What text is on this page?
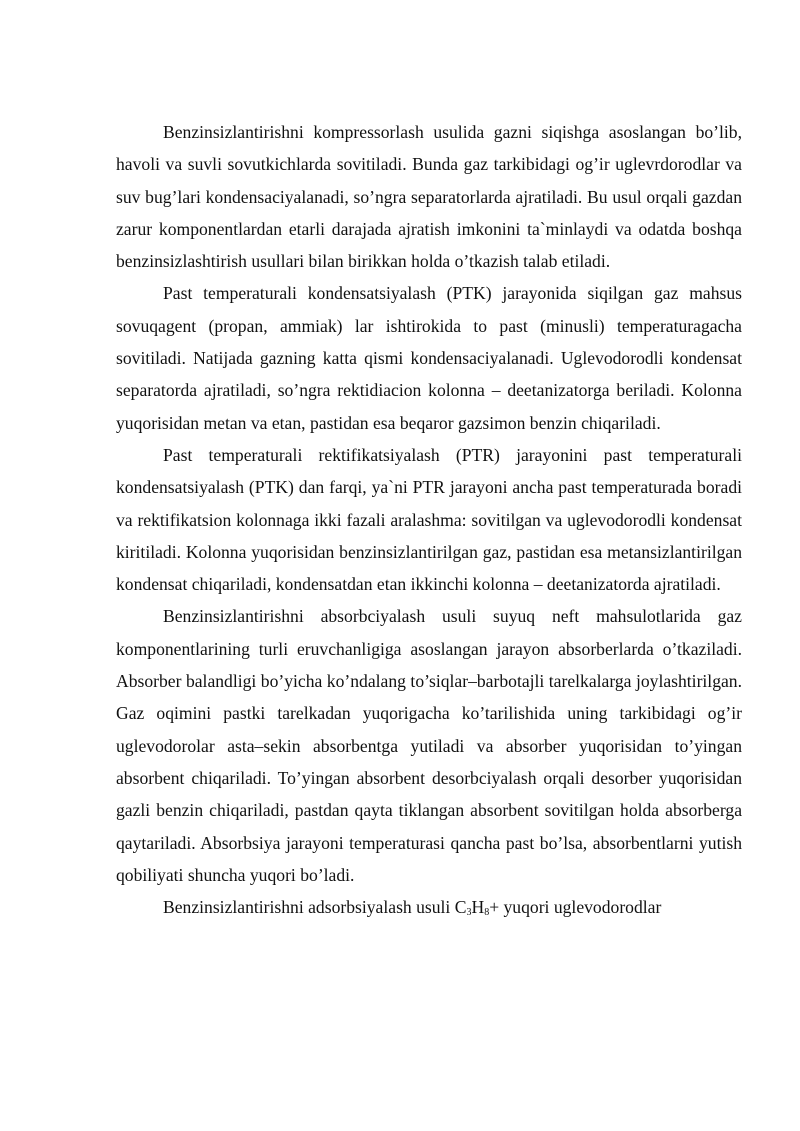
Benzinsizlantirishni kompressorlash usulida gazni siqishga asoslangan bo’lib, havoli va suvli sovutkichlarda sovitiladi. Bunda gaz tarkibidagi og’ir uglevrdorodlar va suv bug’lari kondensaciyalanadi, so’ngra separatorlarda ajratiladi. Bu usul orqali gazdan zarur komponentlardan etarli darajada ajratish imkonini ta`minlaydi va odatda boshqa benzinsizlashtirish usullari bilan birikkan holda o’tkazish talab etiladi.

Past temperaturali kondensatsiyalash (PTK) jarayonida siqilgan gaz mahsus sovuqagent (propan, ammiak) lar ishtirokida to past (minusli) temperaturagacha sovitiladi. Natijada gazning katta qismi kondensaciyalanadi. Uglevodorodli kondensat separatorda ajratiladi, so’ngra rektidiacion kolonna – deetanizatorga beriladi. Kolonna yuqorisidan metan va etan, pastidan esa beqaror gazsimon benzin chiqariladi.

Past temperaturali rektifikatsiyalash (PTR) jarayonini past temperaturali kondensatsiyalash (PTK) dan farqi, ya`ni PTR jarayoni ancha past temperaturada boradi va rektifikatsion kolonnaga ikki fazali aralashma: sovitilgan va uglevodorodli kondensat kiritiladi. Kolonna yuqorisidan benzinsizlantirilgan gaz, pastidan esa metansizlantirilgan kondensat chiqariladi, kondensatdan etan ikkinchi kolonna – deetanizatorda ajratiladi.

Benzinsizlantirishni absorbciyalash usuli suyuq neft mahsulotlarida gaz komponentlarining turli eruvchanligiga asoslangan jarayon absorberlarda o’tkaziladi. Absorber balandligi bo’yicha ko’ndalang to’siqlar–barbotajli tarelkalarga joylashtirilgan. Gaz oqimini pastki tarelkadan yuqorigacha ko’tarilishida uning tarkibidagi og’ir uglevodorolar asta–sekin absorbentga yutiladi va absorber yuqorisidan to’yingan absorbent chiqariladi. To’yingan absorbent desorbciyalash orqali desorber yuqorisidan gazli benzin chiqariladi, pastdan qayta tiklangan absorbent sovitilgan holda absorberga qaytariladi. Absorbsiya jarayoni temperaturasi qancha past bo’lsa, absorbentlarni yutish qobiliyati shuncha yuqori bo’ladi.

Benzinsizlantirishni adsorbsiyalash usuli $C_3H_8+$ yuqori uglevodorodlar
